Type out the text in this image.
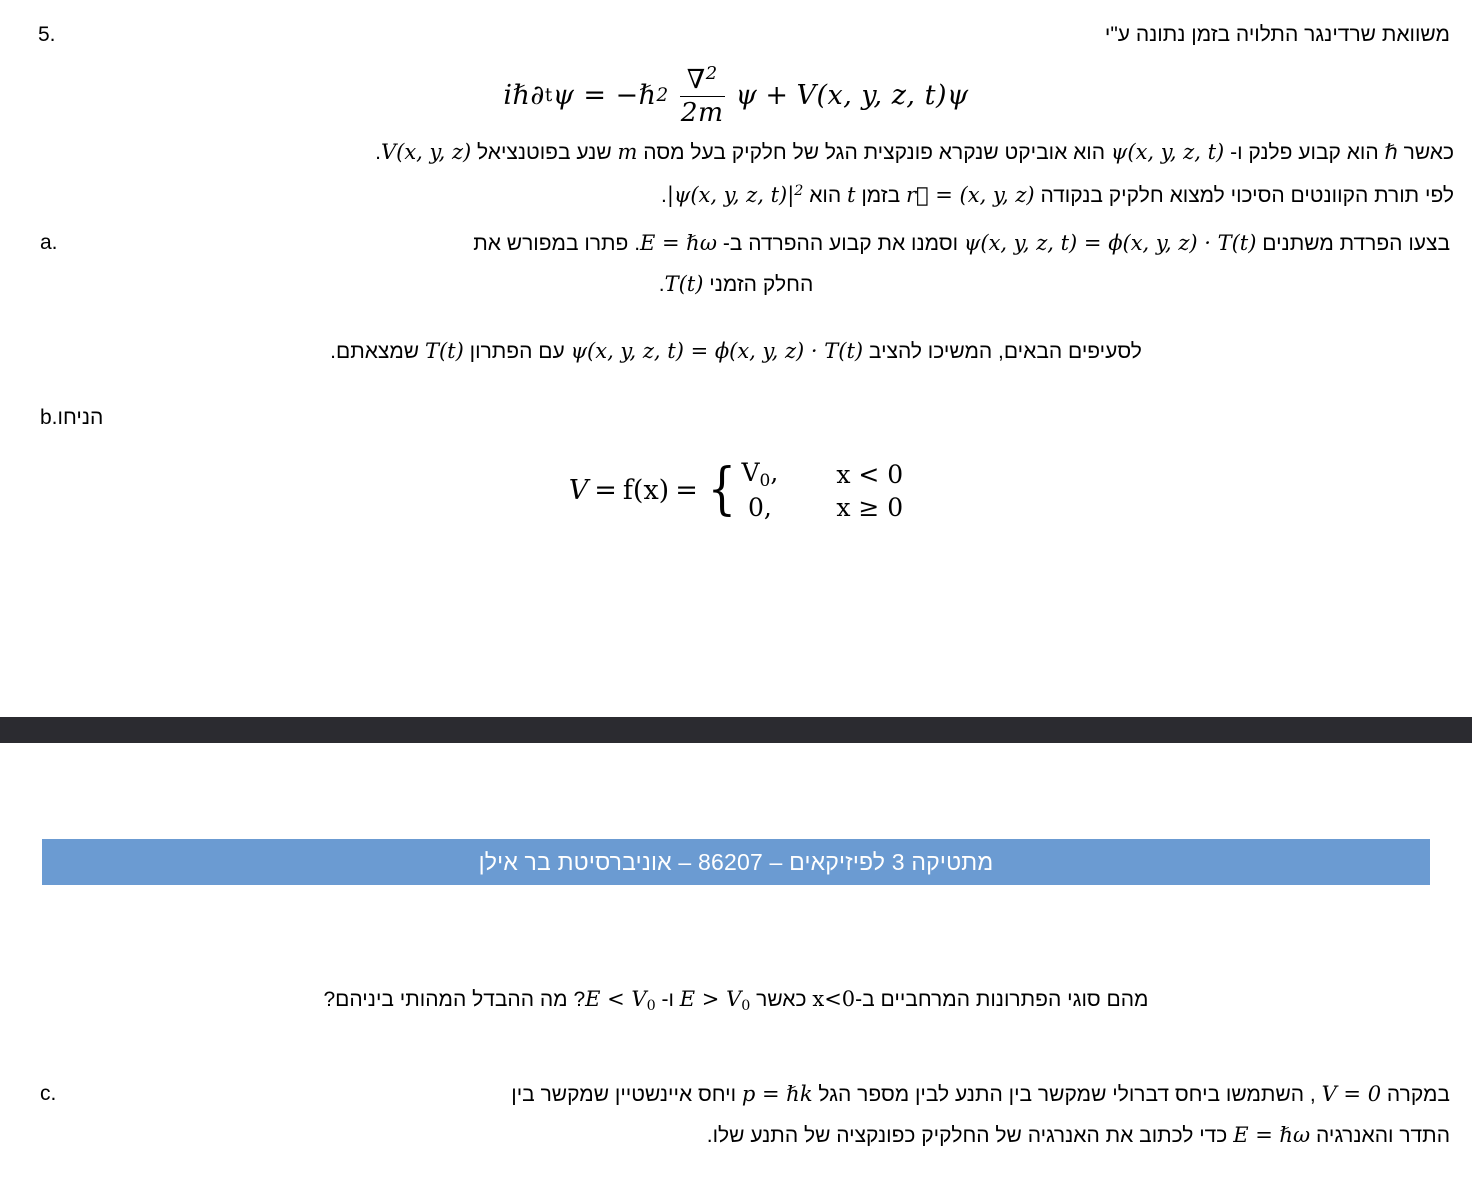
5.	משוואת שרדינגר התלויה בזמן נתונה ע"י
iℏ∂ t ψ = −ℏ $2 \frac{\nabla^2}{2m}$ ψ + V(x, y, z, t)ψ
כאשר ℏ הוא קבוע פלנק ו- ψ(x, y, z, t) הוא אוביקט שנקרא פונקצית הגל של חלקיק בעל מסה m שנע בפוטנציאל V(x, y, z).
לפי תורת הקוונטים הסיכוי למצוא חלקיק בנקודה r⃗ = (x, y, z) בזמן t הוא |ψ(x, y, z, $t)|^2$.
a.	בצעו הפרדת משתנים ψ(x, y, z, t) = ϕ(x, y, z) · T(t) וסמנו את קבוע ההפרדה ב- E = ℏω. פתרו במפורש את
החלק הזמני T(t).
לסעיפים הבאים, המשיכו להציב ψ(x, y, z, t) = ϕ(x, y, z) · T(t) עם הפתרון T(t) שמצאתם.
b. הניחו
V = f(x) = { $V_0$, x < 0
0,	x ≥ 0
מתטיקה 3 לפיזיקאים – 86207 – אוניברסיטת בר אילן
מהם סוגי הפתרונות המרחביים ב-x<0 כאשר $E > V_0$ ו- $E < V_0$? מה ההבדל המהותי ביניהם?
c.	במקרה V = 0 , השתמשו ביחס דברולי שמקשר בין התנע לבין מספר הגל p = ℏk ויחס איינשטיין שמקשר בין
התדר והאנרגיה E = ℏω כדי לכתוב את האנרגיה של החלקיק כפונקציה של התנע שלו.
